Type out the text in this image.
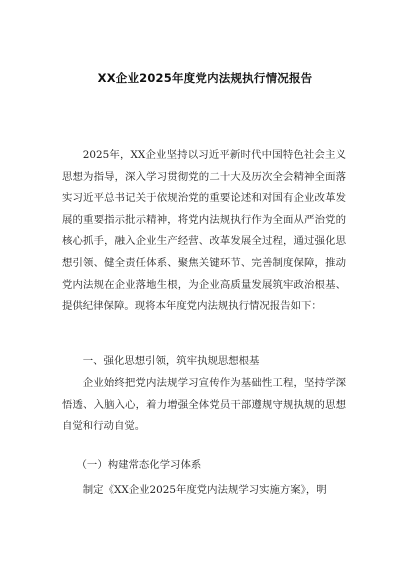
XX企业2025年度党内法规执行情况报告

2025年，XX企业坚持以习近平新时代中国特色社会主义思想为指导，深入学习贯彻党的二十大及历次全会精神全面落实习近平总书记关于依规治党的重要论述和对国有企业改革发展的重要指示批示精神，将党内法规执行作为全面从严治党的核心抓手，融入企业生产经营、改革发展全过程，通过强化思想引领、健全责任体系、聚焦关键环节、完善制度保障，推动党内法规在企业落地生根，为企业高质量发展筑牢政治根基、提供纪律保障。现将本年度党内法规执行情况报告如下：

一、强化思想引领，筑牢执规思想根基

企业始终把党内法规学习宣传作为基础性工程，坚持学深悟透、入脑入心，着力增强全体党员干部遵规守规执规的思想自觉和行动自觉。

（一）构建常态化学习体系

制定《XX企业2025年度党内法规学习实施方案》，明
